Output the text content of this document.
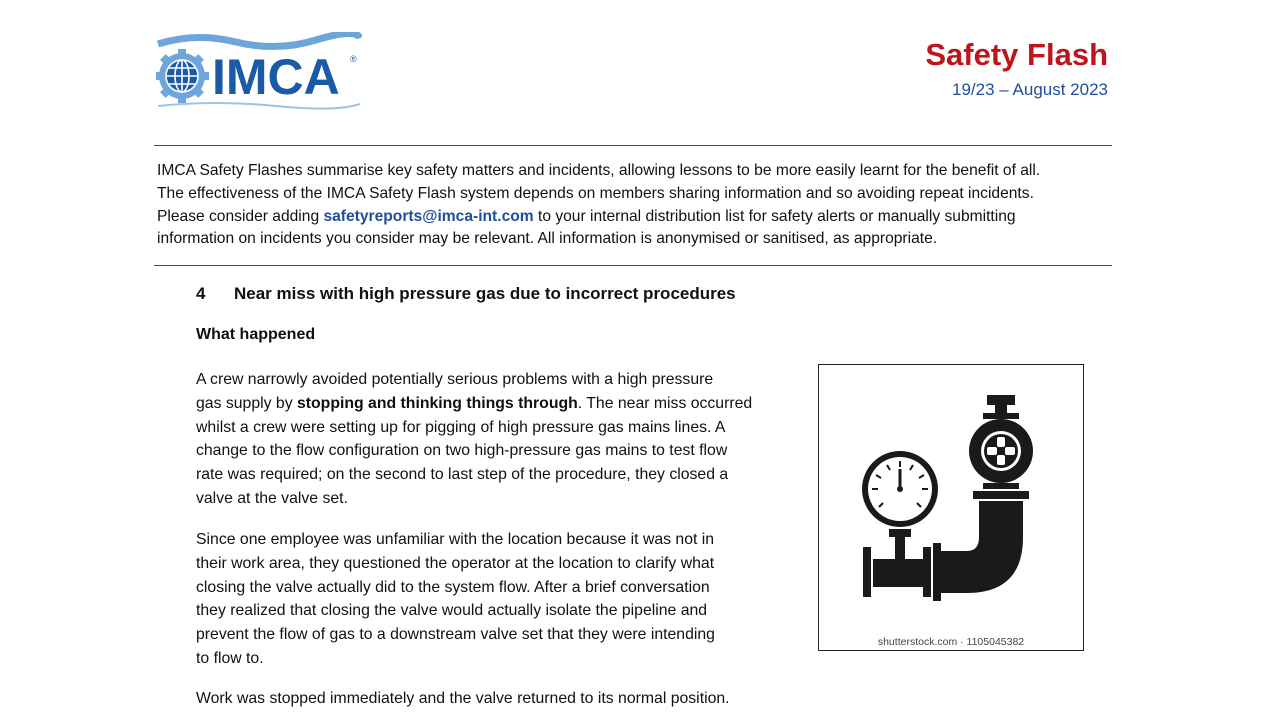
IMCA ®	Safety Flash
19/23 – August 2023

IMCA Safety Flashes summarise key safety matters and incidents, allowing lessons to be more easily learnt for the benefit of all.

The effectiveness of the IMCA Safety Flash system depends on members sharing information and so avoiding repeat incidents.

Please consider adding safetyreports@imca-int.com to your internal distribution list for safety alerts or manually submitting

information on incidents you consider may be relevant. All information is anonymised or sanitised, as appropriate.

4 Near miss with high pressure gas due to incorrect procedures
What happened

A crew narrowly avoided potentially serious problems with a high pressure

gas supply by stopping and thinking things through. The near miss occurred

whilst a crew were setting up for pigging of high pressure gas mains lines. A

change to the flow configuration on two high-pressure gas mains to test flow

rate was required; on the second to last step of the procedure, they closed a

valve at the valve set.

Since one employee was unfamiliar with the location because it was not in

their work area, they questioned the operator at the location to clarify what

closing the valve actually did to the system flow. After a brief conversation

they realized that closing the valve would actually isolate the pipeline and

prevent the flow of gas to a downstream valve set that they were intending

to flow to.

Work was stopped immediately and the valve returned to its normal position.

shutterstock.com · 1105045382
